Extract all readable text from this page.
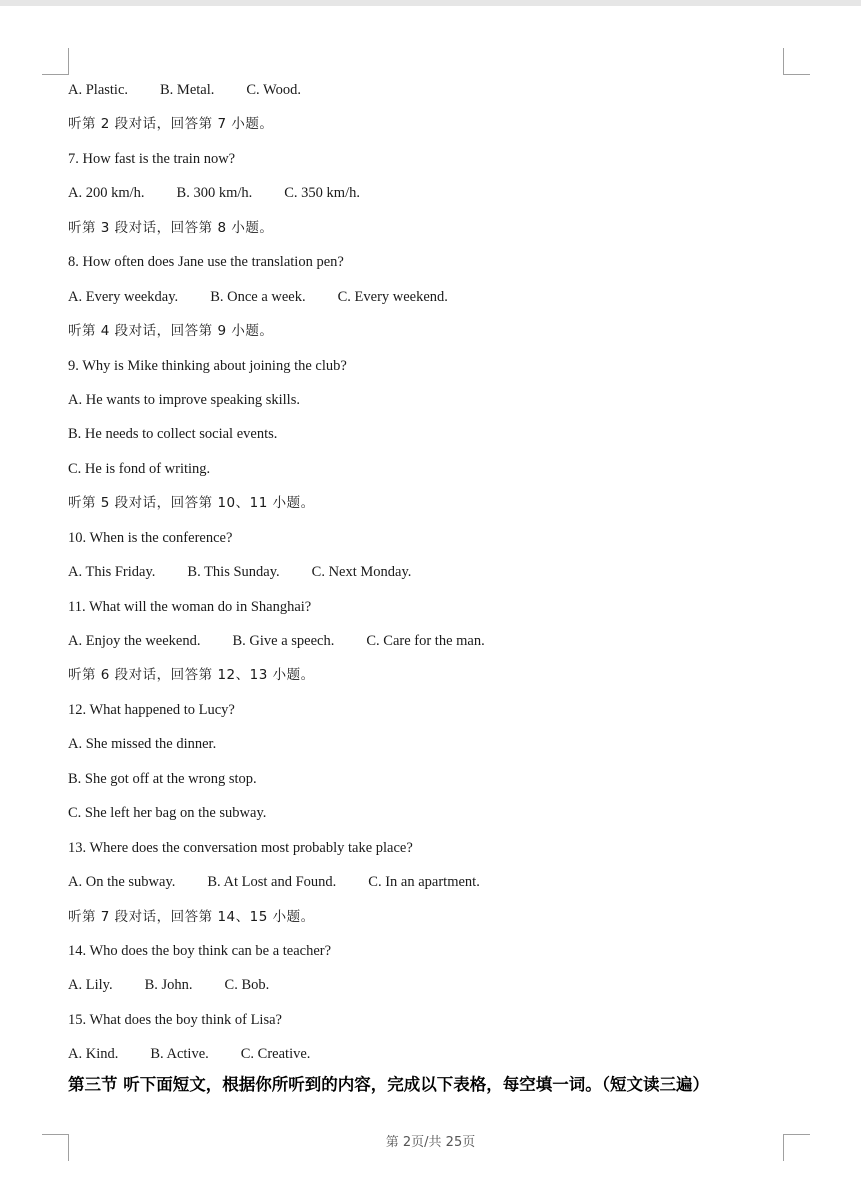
A. Plastic. B. Metal. C. Wood.
听第 2 段对话，回答第 7 小题。
7. How fast is the train now?
A. 200 km/h. B. 300 km/h. C. 350 km/h.
听第 3 段对话，回答第 8 小题。
8. How often does Jane use the translation pen?
A. Every weekday. B. Once a week. C. Every weekend.
听第 4 段对话，回答第 9 小题。
9. Why is Mike thinking about joining the club?
A. He wants to improve speaking skills.
B. He needs to collect social events.
C. He is fond of writing.
听第 5 段对话，回答第 10、11 小题。
10. When is the conference?
A. This Friday. B. This Sunday. C. Next Monday.
11. What will the woman do in Shanghai?
A. Enjoy the weekend. B. Give a speech. C. Care for the man.
听第 6 段对话，回答第 12、13 小题。
12. What happened to Lucy?
A. She missed the dinner.
B. She got off at the wrong stop.
C. She left her bag on the subway.
13. Where does the conversation most probably take place?
A. On the subway. B. At Lost and Found. C. In an apartment.
听第 7 段对话，回答第 14、15 小题。
14. Who does the boy think can be a teacher?
A. Lily. B. John. C. Bob.
15. What does the boy think of Lisa?
A. Kind. B. Active. C. Creative.
第三节 听下面短文，根据你所听到的内容，完成以下表格，每空填一词。（短文读三遍）
第 2页/共 25页
